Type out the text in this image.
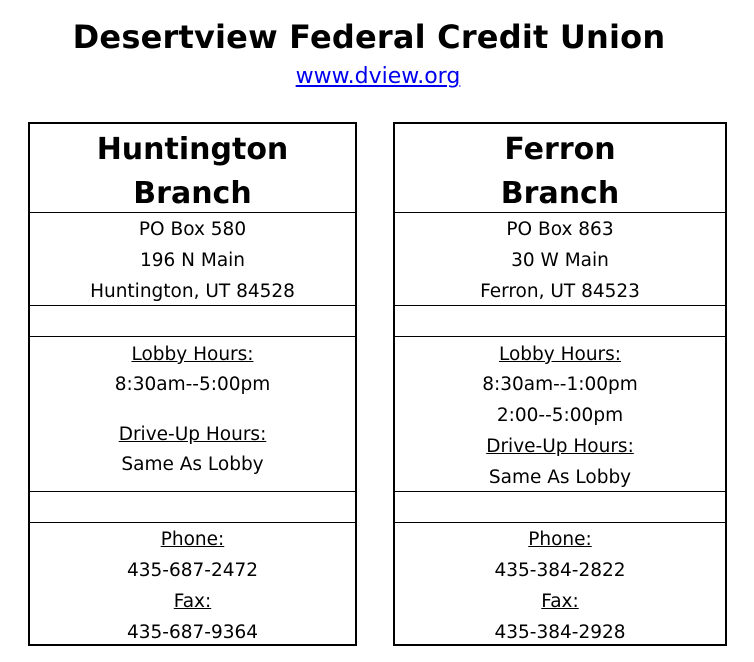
Desertview Federal Credit Union
www.dview.org
Huntington
Branch
PO Box 580
196 N Main
Huntington, UT 84528
Lobby Hours:
8:30am--5:00pm
Drive-Up Hours:
Same As Lobby
Phone:
435-687-2472
Fax:
435-687-9364
Ferron
Branch
PO Box 863
30 W Main
Ferron, UT 84523
Lobby Hours:
8:30am--1:00pm
2:00--5:00pm
Drive-Up Hours:
Same As Lobby
Phone:
435-384-2822
Fax:
435-384-2928
